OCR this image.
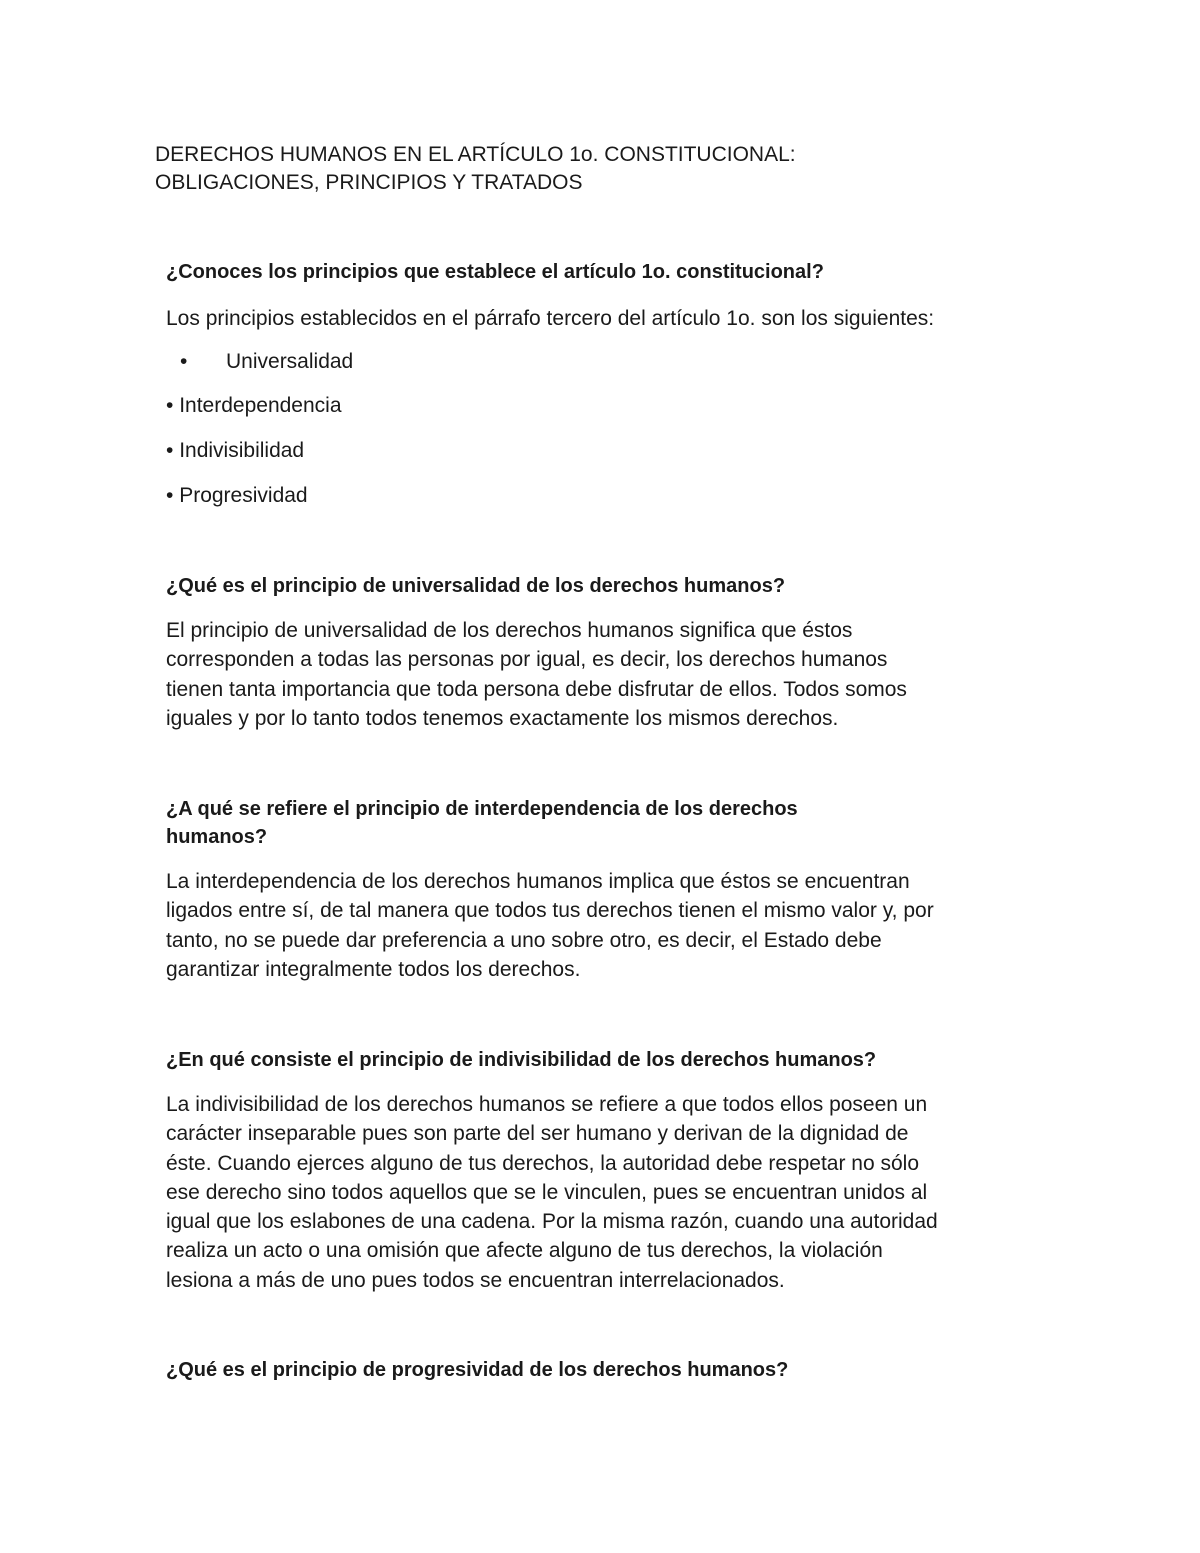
DERECHOS HUMANOS EN EL ARTÍCULO 1o. CONSTITUCIONAL:
OBLIGACIONES, PRINCIPIOS Y TRATADOS

¿Conoces los principios que establece el artículo 1o. constitucional?

Los principios establecidos en el párrafo tercero del artículo 1o. son los siguientes:

• Universalidad

• Interdependencia

• Indivisibilidad

• Progresividad

¿Qué es el principio de universalidad de los derechos humanos?

El principio de universalidad de los derechos humanos significa que éstos
corresponden a todas las personas por igual, es decir, los derechos humanos
tienen tanta importancia que toda persona debe disfrutar de ellos. Todos somos
iguales y por lo tanto todos tenemos exactamente los mismos derechos.
¿A qué se refiere el principio de interdependencia de los derechos
humanos?
La interdependencia de los derechos humanos implica que éstos se encuentran
ligados entre sí, de tal manera que todos tus derechos tienen el mismo valor y, por
tanto, no se puede dar preferencia a uno sobre otro, es decir, el Estado debe
garantizar integralmente todos los derechos.

¿En qué consiste el principio de indivisibilidad de los derechos humanos?

La indivisibilidad de los derechos humanos se refiere a que todos ellos poseen un
carácter inseparable pues son parte del ser humano y derivan de la dignidad de
éste. Cuando ejerces alguno de tus derechos, la autoridad debe respetar no sólo
ese derecho sino todos aquellos que se le vinculen, pues se encuentran unidos al
igual que los eslabones de una cadena. Por la misma razón, cuando una autoridad
realiza un acto o una omisión que afecte alguno de tus derechos, la violación
lesiona a más de uno pues todos se encuentran interrelacionados.

¿Qué es el principio de progresividad de los derechos humanos?
